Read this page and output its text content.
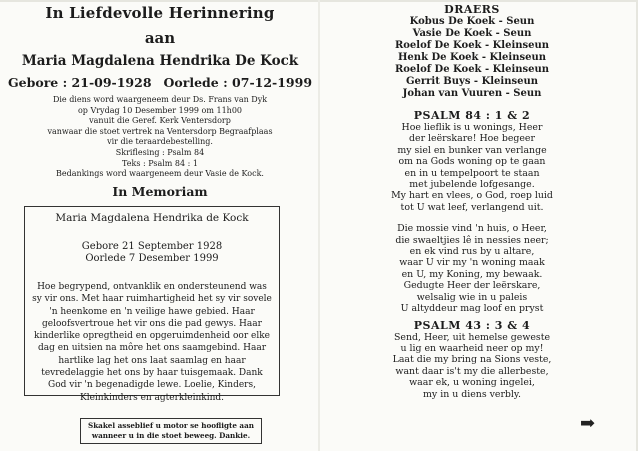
In Liefdevolle Herinnering
aan
Maria Magdalena Hendrika De Kock
Gebore : 21-09-1928 Oorlede : 07-12-1999
Die diens word waargeneem deur Ds. Frans van Dyk
op Vrydag 10 Desember 1999 om 11h00
vanuit die Geref. Kerk Ventersdorp
vanwaar die stoet vertrek na Ventersdorp Begraafplaas
vir die teraardebestelling.
Skriflesing : Psalm 84
Teks : Psalm 84 : 1
Bedankings word waargeneem deur Vasie de Kock.
In Memoriam
Maria Magdalena Hendrika de Kock
Gebore 21 September 1928
Oorlede 7 Desember 1999
Hoe begrypend, ontvanklik en ondersteunend was sy vir ons. Met haar ruimhartigheid het sy vir sovele 'n heenkome en 'n veilige hawe gebied. Haar geloofsvertroue het vir ons die pad gewys. Haar kinderlike opregtheid en opgeruimdenheid oor elke dag en uitsien na môre het ons saamgebind. Haar hartlike lag het ons laat saamlag en haar tevredelaggie het ons by haar tuisgemaak. Dank God vir 'n begenadigde lewe. Loelie, Kinders, Kleinkinders en agterkleinkind.
Skakel asseblief u motor se hoofligte aan wanneer u in die stoet beweeg. Dankie.
DRAERS
Kobus De Koek - Seun
Vasie De Koek - Seun
Roelof De Koek - Kleinseun
Henk De Koek - Kleinseun
Roelof De Koek - Kleinseun
Gerrit Buys - Kleinseun
Johan van Vuuren - Seun
PSALM 84 : 1 & 2
Hoe lieflik is u wonings, Heer
der leërskare! Hoe begeer
my siel en bunker van verlange
om na Gods woning op te gaan
en in u tempelpoort te staan
met jubelende lofgesange.
My hart en vlees, o God, roep luid
tot U wat leef, verlangend uit.
Die mossie vind 'n huis, o Heer,
die swaeltjies lê in nessies neer;
en ek vind rus by u altare,
waar U vir my 'n woning maak
en U, my Koning, my bewaak.
Gedugte Heer der leërskare,
welsalig wie in u paleis
U altyddeur mag loof en pryst
PSALM 43 : 3 & 4
Send, Heer, uit hemelse geweste
u lig en waarheid neer op my!
Laat die my bring na Sions veste,
want daar is't my die allerbeste,
waar ek, u woning ingelei,
my in u diens verbly.
➡
